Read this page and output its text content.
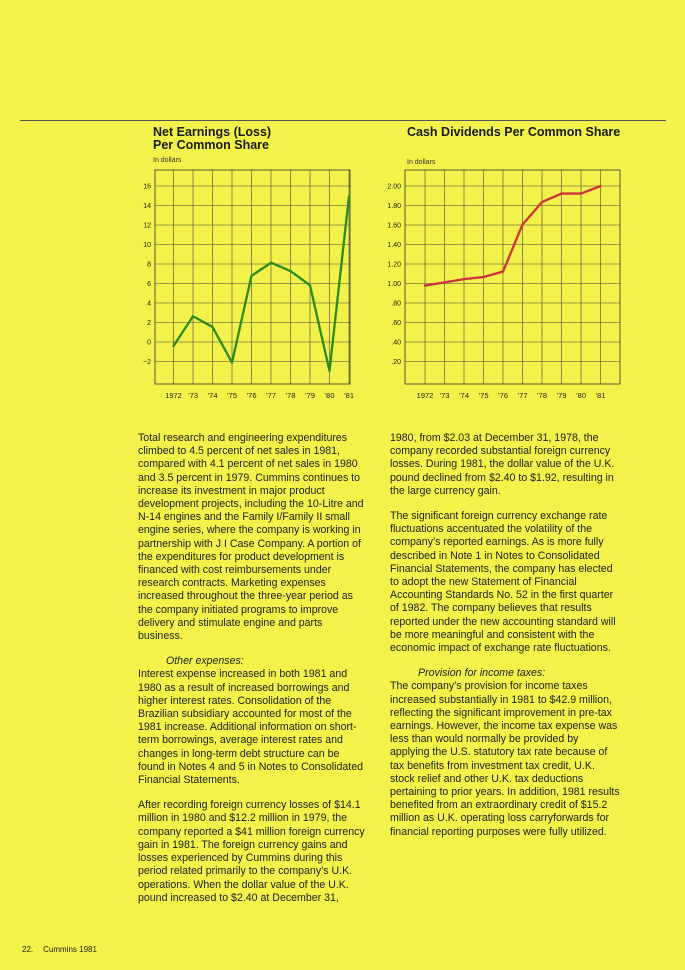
Net Earnings (Loss)
Per Common Share
In dollars
16
14
12
10
8
6
4
2
0
−2
1972 ’73 ’74 ’75 ’76 ’77 ’78 ’79 ’80 ’81
Cash Dividends Per Common Share
In dollars
2.00
1.80
1.60
1.40
1.20
1.00
.80
.60
.40
.20
1972 ’73 ’74 ’75 ’76 ’77 ’78 ’79 ’80 ’81

Total research and engineering expenditures climbed to 4.5 percent of net sales in 1981, compared with 4.1 percent of net sales in 1980 and 3.5 percent in 1979. Cummins continues to increase its investment in major product development projects, including the 10-Litre and N-14 engines and the Family I/Family II small engine series, where the company is working in partnership with J I Case Company. A portion of the expenditures for product development is financed with cost reimbursements under research contracts. Marketing expenses increased throughout the three-year period as the company initiated programs to improve delivery and stimulate engine and parts business.

Other expenses:
Interest expense increased in both 1981 and 1980 as a result of increased borrowings and higher interest rates. Consolidation of the Brazilian subsidiary accounted for most of the 1981 increase. Additional information on short-term borrowings, average interest rates and changes in long-term debt structure can be found in Notes 4 and 5 in Notes to Consolidated Financial Statements.

After recording foreign currency losses of $14.1 million in 1980 and $12.2 million in 1979, the company reported a $41 million foreign currency gain in 1981. The foreign currency gains and losses experienced by Cummins during this period related primarily to the company’s U.K. operations. When the dollar value of the U.K. pound increased to $2.40 at December 31,

1980, from $2.03 at December 31, 1978, the company recorded substantial foreign currency losses. During 1981, the dollar value of the U.K. pound declined from $2.40 to $1.92, resulting in the large currency gain.

The significant foreign currency exchange rate fluctuations accentuated the volatility of the company’s reported earnings. As is more fully described in Note 1 in Notes to Consolidated Financial Statements, the company has elected to adopt the new Statement of Financial Accounting Standards No. 52 in the first quarter of 1982. The company believes that results reported under the new accounting standard will be more meaningful and consistent with the economic impact of exchange rate fluctuations.

Provision for income taxes:
The company’s provision for income taxes increased substantially in 1981 to $42.9 million, reflecting the significant improvement in pre-tax earnings. However, the income tax expense was less than would normally be provided by applying the U.S. statutory tax rate because of tax benefits from investment tax credit, U.K. stock relief and other U.K. tax deductions pertaining to prior years. In addition, 1981 results benefited from an extraordinary credit of $15.2 million as U.K. operating loss carryforwards for financial reporting purposes were fully utilized.

22. Cummins 1981
